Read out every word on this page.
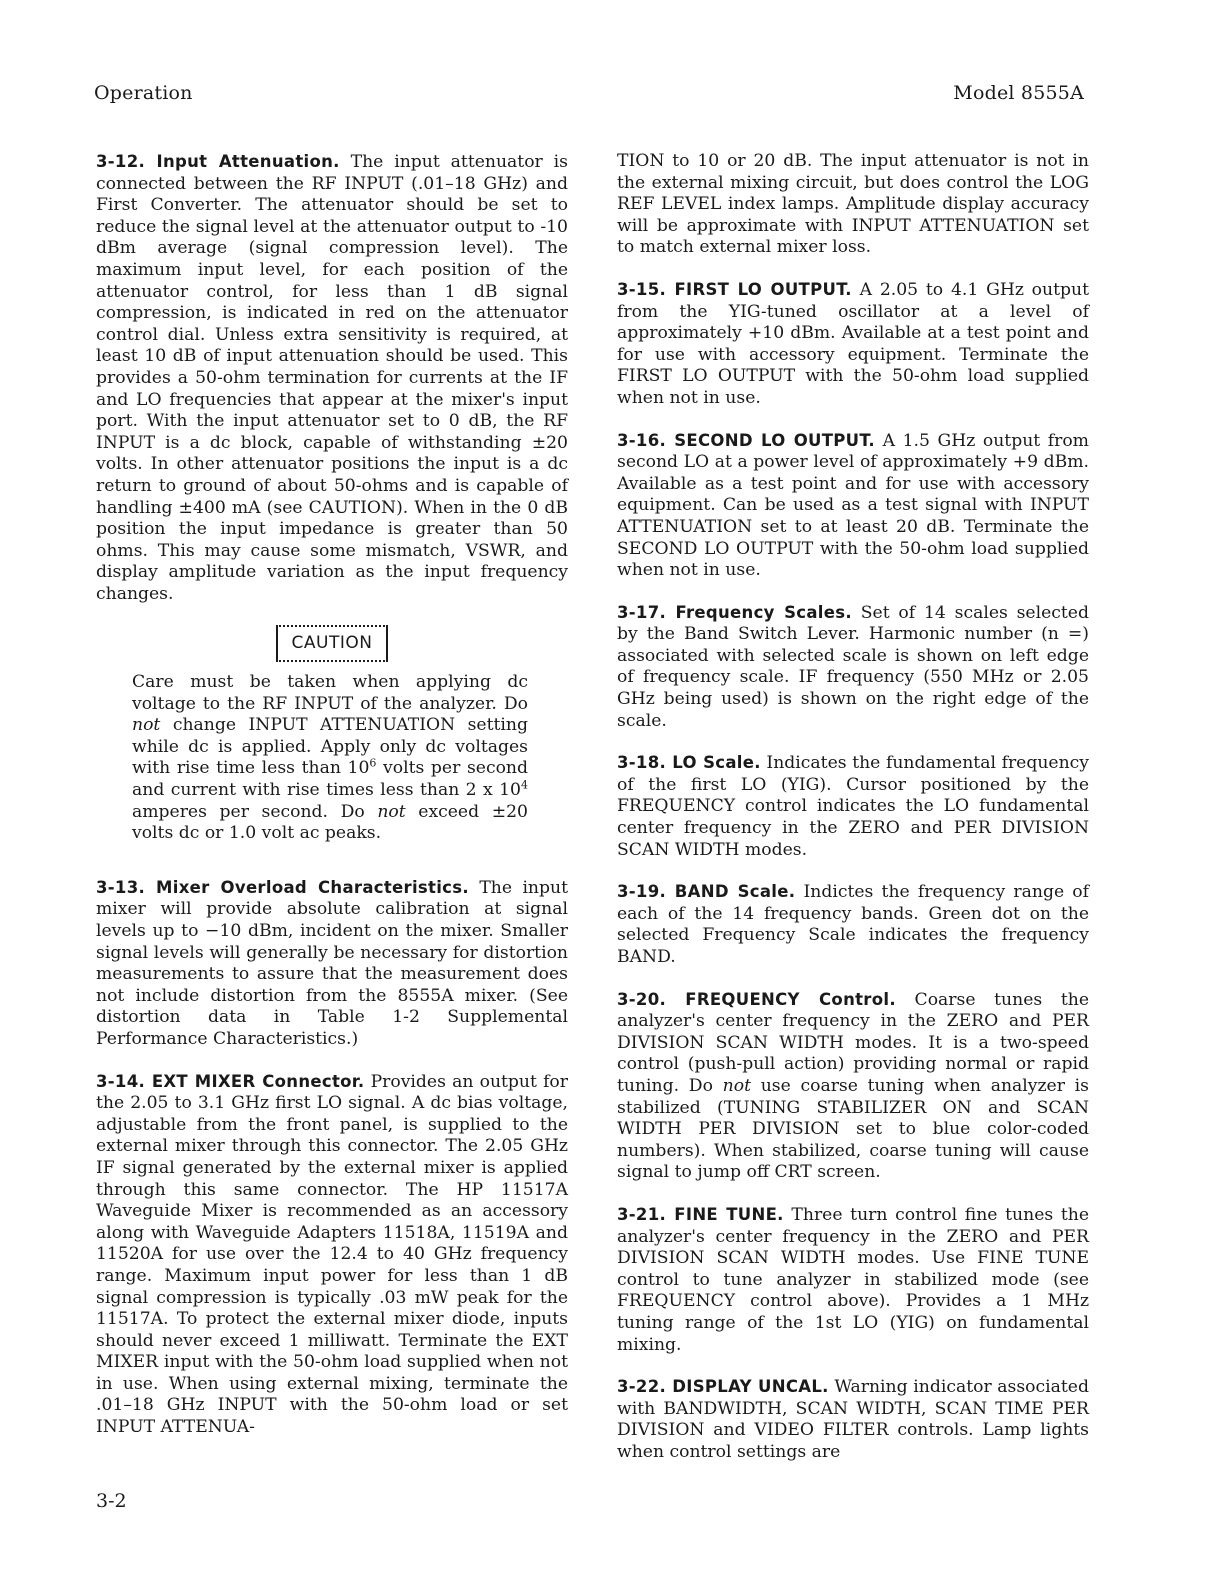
Operation	Model 8555A

3-12. Input Attenuation. The input attenuator is connected between the RF INPUT (.01–18 GHz) and First Converter. The attenuator should be set to reduce the signal level at the attenuator output to -10 dBm average (signal compression level). The maximum input level, for each position of the attenuator control, for less than 1 dB signal compression, is indicated in red on the attenuator control dial. Unless extra sensitivity is required, at least 10 dB of input attenuation should be used. This provides a 50-ohm termination for currents at the IF and LO frequencies that appear at the mixer's input port. With the input attenuator set to 0 dB, the RF INPUT is a dc block, capable of withstanding ±20 volts. In other attenuator positions the input is a dc return to ground of about 50-ohms and is capable of handling ±400 mA (see CAUTION). When in the 0 dB position the input impedance is greater than 50 ohms. This may cause some mismatch, VSWR, and display amplitude variation as the input frequency changes.

CAUTION

Care must be taken when applying dc voltage to the RF INPUT of the analyzer. Do not change INPUT ATTENUATION setting while dc is applied. Apply only dc voltages with rise time less than $10^6$ volts per second and current with rise times less than 2 x $10^4$ amperes per second. Do not exceed ±20 volts dc or 1.0 volt ac peaks.

3-13. Mixer Overload Characteristics. The input mixer will provide absolute calibration at signal levels up to −10 dBm, incident on the mixer. Smaller signal levels will generally be necessary for distortion measurements to assure that the measurement does not include distortion from the 8555A mixer. (See distortion data in Table 1-2 Supplemental Performance Characteristics.)

3-14. EXT MIXER Connector. Provides an output for the 2.05 to 3.1 GHz first LO signal. A dc bias voltage, adjustable from the front panel, is supplied to the external mixer through this connector. The 2.05 GHz IF signal generated by the external mixer is applied through this same connector. The HP 11517A Waveguide Mixer is recommended as an accessory along with Waveguide Adapters 11518A, 11519A and 11520A for use over the 12.4 to 40 GHz frequency range. Maximum input power for less than 1 dB signal compression is typically .03 mW peak for the 11517A. To protect the external mixer diode, inputs should never exceed 1 milliwatt. Terminate the EXT MIXER input with the 50-ohm load supplied when not in use. When using external mixing, terminate the .01–18 GHz INPUT with the 50-ohm load or set INPUT ATTENUA-

TION to 10 or 20 dB. The input attenuator is not in the external mixing circuit, but does control the LOG REF LEVEL index lamps. Amplitude display accuracy will be approximate with INPUT ATTENUATION set to match external mixer loss.

3-15. FIRST LO OUTPUT. A 2.05 to 4.1 GHz output from the YIG-tuned oscillator at a level of approximately +10 dBm. Available at a test point and for use with accessory equipment. Terminate the FIRST LO OUTPUT with the 50-ohm load supplied when not in use.

3-16. SECOND LO OUTPUT. A 1.5 GHz output from second LO at a power level of approximately +9 dBm. Available as a test point and for use with accessory equipment. Can be used as a test signal with INPUT ATTENUATION set to at least 20 dB. Terminate the SECOND LO OUTPUT with the 50-ohm load supplied when not in use.

3-17. Frequency Scales. Set of 14 scales selected by the Band Switch Lever. Harmonic number (n =) associated with selected scale is shown on left edge of frequency scale. IF frequency (550 MHz or 2.05 GHz being used) is shown on the right edge of the scale.

3-18. LO Scale. Indicates the fundamental frequency of the first LO (YIG). Cursor positioned by the FREQUENCY control indicates the LO fundamental center frequency in the ZERO and PER DIVISION SCAN WIDTH modes.

3-19. BAND Scale. Indictes the frequency range of each of the 14 frequency bands. Green dot on the selected Frequency Scale indicates the frequency BAND.

3-20. FREQUENCY Control. Coarse tunes the analyzer's center frequency in the ZERO and PER DIVISION SCAN WIDTH modes. It is a two-speed control (push-pull action) providing normal or rapid tuning. Do not use coarse tuning when analyzer is stabilized (TUNING STABILIZER ON and SCAN WIDTH PER DIVISION set to blue color-coded numbers). When stabilized, coarse tuning will cause signal to jump off CRT screen.

3-21. FINE TUNE. Three turn control fine tunes the analyzer's center frequency in the ZERO and PER DIVISION SCAN WIDTH modes. Use FINE TUNE control to tune analyzer in stabilized mode (see FREQUENCY control above). Provides a 1 MHz tuning range of the 1st LO (YIG) on fundamental mixing.

3-22. DISPLAY UNCAL. Warning indicator associated with BANDWIDTH, SCAN WIDTH, SCAN TIME PER DIVISION and VIDEO FILTER controls. Lamp lights when control settings are

3-2
